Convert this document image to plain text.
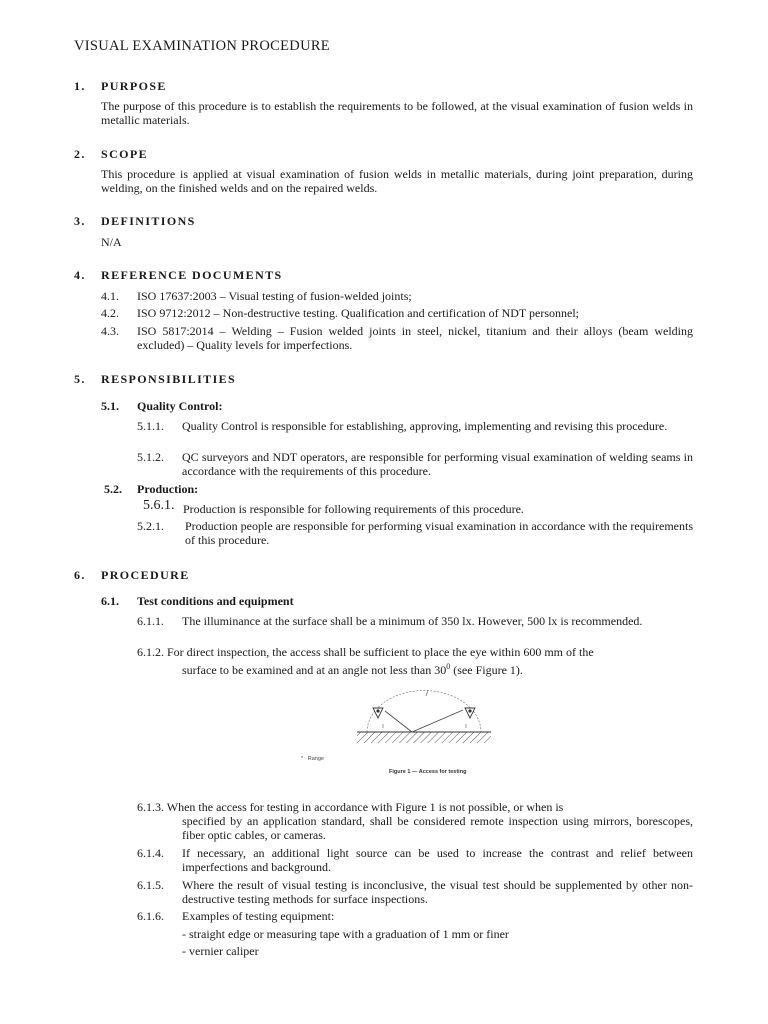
VISUAL EXAMINATION PROCEDURE
1. PURPOSE
The purpose of this procedure is to establish the requirements to be followed, at the visual examination of fusion welds in metallic materials.
2. SCOPE
This procedure is applied at visual examination of fusion welds in metallic materials, during joint preparation, during welding, on the finished welds and on the repaired welds.
3. DEFINITIONS
N/A
4. REFERENCE DOCUMENTS
4.1. ISO 17637:2003 – Visual testing of fusion-welded joints;
4.2. ISO 9712:2012 – Non-destructive testing. Qualification and certification of NDT personnel;
4.3. ISO 5817:2014 – Welding – Fusion welded joints in steel, nickel, titanium and their alloys (beam welding excluded) – Quality levels for imperfections.
5. RESPONSIBILITIES
5.1. Quality Control:
5.1.1. Quality Control is responsible for establishing, approving, implementing and revising this procedure.
5.1.2. QC surveyors and NDT operators, are responsible for performing visual examination of welding seams in accordance with the requirements of this procedure.
5.2. Production:
5.6.1. Production is responsible for following requirements of this procedure.
5.2.1. Production people are responsible for performing visual examination in accordance with the requirements of this procedure.
6. PROCEDURE
6.1. Test conditions and equipment
6.1.1. The illuminance at the surface shall be a minimum of 350 lx. However, 500 lx is recommended.
6.1.2. For direct inspection, the access shall be sufficient to place the eye within 600 mm of the
surface to be examined and at an angle not less than $30^0$ (see Figure 1).
* Range
Figure 1 — Access for testing
6.1.3. When the access for testing in accordance with Figure 1 is not possible, or when is
specified by an application standard, shall be considered remote inspection using mirrors, borescopes, fiber optic cables, or cameras.
6.1.4. If necessary, an additional light source can be used to increase the contrast and relief between imperfections and background.
6.1.5. Where the result of visual testing is inconclusive, the visual test should be supplemented by other non-destructive testing methods for surface inspections.
6.1.6. Examples of testing equipment:
- straight edge or measuring tape with a graduation of 1 mm or finer
- vernier caliper
